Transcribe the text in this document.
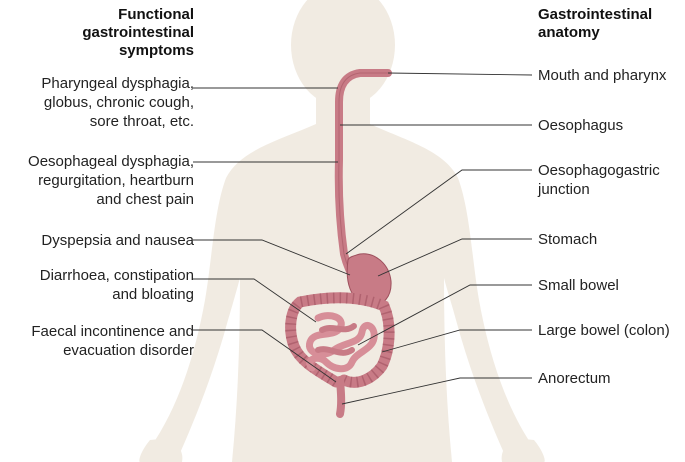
Functional
gastrointestinal
symptoms
Gastrointestinal
anatomy
Pharyngeal dysphagia,
globus, chronic cough,
sore throat, etc.
Oesophageal dysphagia,
regurgitation, heartburn
and chest pain
Dyspepsia and nausea
Diarrhoea, constipation
and bloating
Faecal incontinence and
evacuation disorder
Mouth and pharynx
Oesophagus
Oesophagogastric
junction
Stomach
Small bowel
Large bowel (colon)
Anorectum
